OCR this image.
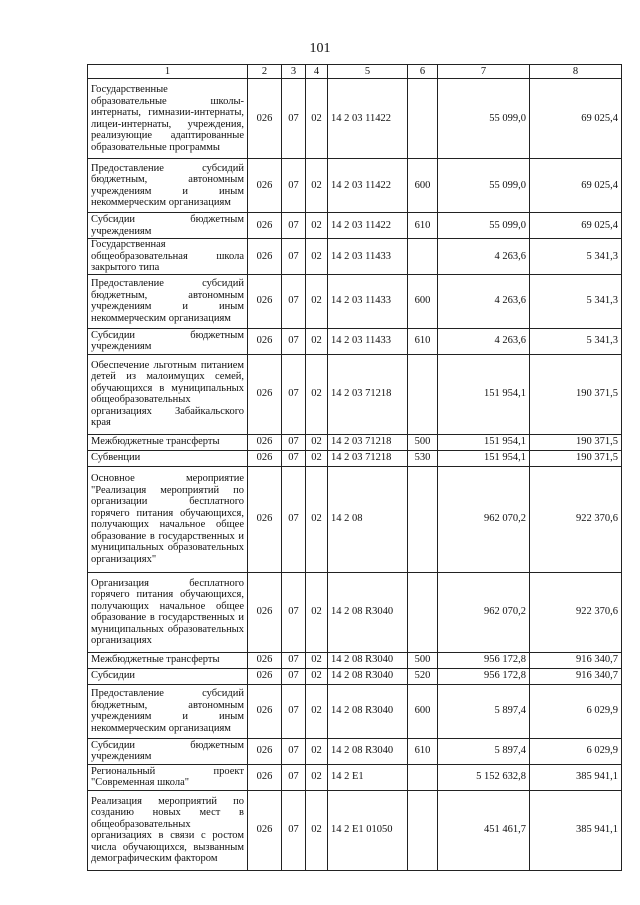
101
1	2	3	4	5	6	7	8
Государственные образовательные школы-интернаты, гимназии-интернаты, лицеи-интернаты, учреждения, реализующие адаптированные образовательные программы	026	07	02	14 2 03 11422		55 099,0	69 025,4
Предоставление субсидий бюджетным, автономным учреждениям и иным некоммерческим организациям	026	07	02	14 2 03 11422	600	55 099,0	69 025,4
Субсидии бюджетным учреждениям	026	07	02	14 2 03 11422	610	55 099,0	69 025,4
Государственная общеобразовательная школа закрытого типа	026	07	02	14 2 03 11433		4 263,6	5 341,3
Предоставление субсидий бюджетным, автономным учреждениям и иным некоммерческим организациям	026	07	02	14 2 03 11433	600	4 263,6	5 341,3
Субсидии бюджетным учреждениям	026	07	02	14 2 03 11433	610	4 263,6	5 341,3
Обеспечение льготным питанием детей из малоимущих семей, обучающихся в муниципальных общеобразовательных организациях Забайкальского края	026	07	02	14 2 03 71218		151 954,1	190 371,5
Межбюджетные трансферты	026	07	02	14 2 03 71218	500	151 954,1	190 371,5
Субвенции	026	07	02	14 2 03 71218	530	151 954,1	190 371,5
Основное мероприятие "Реализация мероприятий по организации бесплатного горячего питания обучающихся, получающих начальное общее образование в государственных и муниципальных образовательных организациях"	026	07	02	14 2 08		962 070,2	922 370,6
Организация бесплатного горячего питания обучающихся, получающих начальное общее образование в государственных и муниципальных образовательных организациях	026	07	02	14 2 08 R3040		962 070,2	922 370,6
Межбюджетные трансферты	026	07	02	14 2 08 R3040	500	956 172,8	916 340,7
Субсидии	026	07	02	14 2 08 R3040	520	956 172,8	916 340,7
Предоставление субсидий бюджетным, автономным учреждениям и иным некоммерческим организациям	026	07	02	14 2 08 R3040	600	5 897,4	6 029,9
Субсидии бюджетным учреждениям	026	07	02	14 2 08 R3040	610	5 897,4	6 029,9
Региональный проект "Современная школа"	026	07	02	14 2 E1		5 152 632,8	385 941,1
Реализация мероприятий по созданию новых мест в общеобразовательных организациях в связи с ростом числа обучающихся, вызванным демографическим фактором	026	07	02	14 2 E1 01050		451 461,7	385 941,1
